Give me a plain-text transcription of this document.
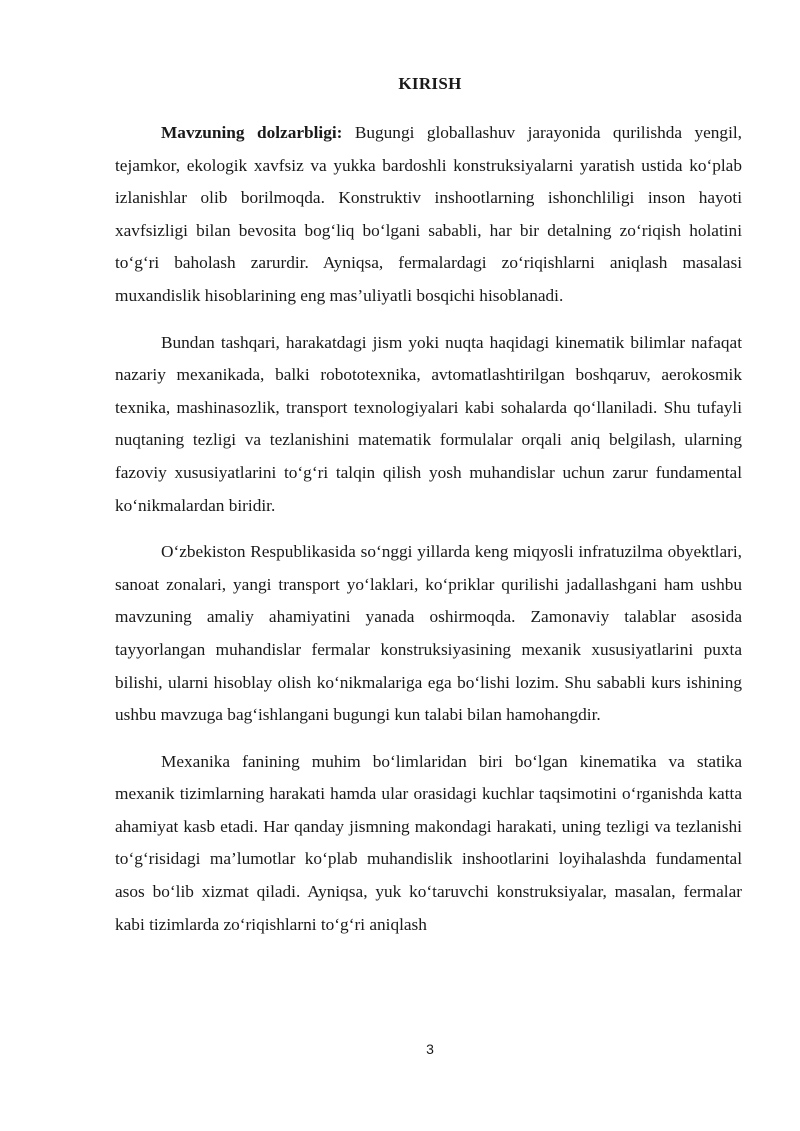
KIRISH

Mavzuning dolzarbligi: Bugungi globallashuv jarayonida qurilishda yengil, tejamkor, ekologik xavfsiz va yukka bardoshli konstruksiyalarni yaratish ustida ko‘plab izlanishlar olib borilmoqda. Konstruktiv inshootlarning ishonchliligi inson hayoti xavfsizligi bilan bevosita bog‘liq bo‘lgani sababli, har bir detalning zo‘riqish holatini to‘g‘ri baholash zarurdir. Ayniqsa, fermalardagi zo‘riqishlarni aniqlash masalasi muxandislik hisoblarining eng mas’uliyatli bosqichi hisoblanadi.

Bundan tashqari, harakatdagi jism yoki nuqta haqidagi kinematik bilimlar nafaqat nazariy mexanikada, balki robototexnika, avtomatlashtirilgan boshqaruv, aerokosmik texnika, mashinasozlik, transport texnologiyalari kabi sohalarda qo‘llaniladi. Shu tufayli nuqtaning tezligi va tezlanishini matematik formulalar orqali aniq belgilash, ularning fazoviy xususiyatlarini to‘g‘ri talqin qilish yosh muhandislar uchun zarur fundamental ko‘nikmalardan biridir.

O‘zbekiston Respublikasida so‘nggi yillarda keng miqyosli infratuzilma obyektlari, sanoat zonalari, yangi transport yo‘laklari, ko‘priklar qurilishi jadallashgani ham ushbu mavzuning amaliy ahamiyatini yanada oshirmoqda. Zamonaviy talablar asosida tayyorlangan muhandislar fermalar konstruksiyasining mexanik xususiyatlarini puxta bilishi, ularni hisoblay olish ko‘nikmalariga ega bo‘lishi lozim. Shu sababli kurs ishining ushbu mavzuga bag‘ishlangani bugungi kun talabi bilan hamohangdir.

Mexanika fanining muhim bo‘limlaridan biri bo‘lgan kinematika va statika mexanik tizimlarning harakati hamda ular orasidagi kuchlar taqsimotini o‘rganishda katta ahamiyat kasb etadi. Har qanday jismning makondagi harakati, uning tezligi va tezlanishi to‘g‘risidagi ma’lumotlar ko‘plab muhandislik inshootlarini loyihalashda fundamental asos bo‘lib xizmat qiladi. Ayniqsa, yuk ko‘taruvchi konstruksiyalar, masalan, fermalar kabi tizimlarda zo‘riqishlarni to‘g‘ri aniqlash

3
